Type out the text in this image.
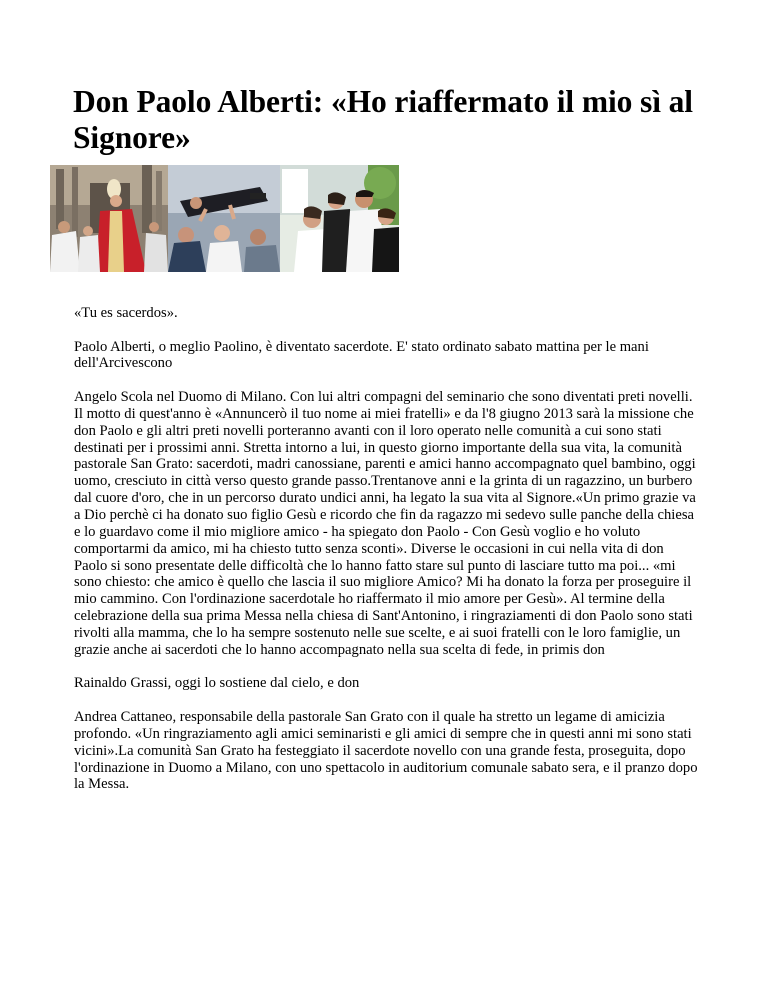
Don Paolo Alberti: «Ho riaffermato il mio sì al Signore»

«Tu es sacerdos».

Paolo Alberti, o meglio Paolino, è diventato sacerdote. E' stato ordinato sabato mattina per le mani dell'Arcivescono

Angelo Scola nel Duomo di Milano. Con lui altri compagni del seminario che sono diventati preti novelli. Il motto di quest'anno è «Annuncerò il tuo nome ai miei fratelli» e da l'8 giugno 2013 sarà la missione che don Paolo e gli altri preti novelli porteranno avanti con il loro operato nelle comunità a cui sono stati destinati per i prossimi anni. Stretta intorno a lui, in questo giorno importante della sua vita, la comunità pastorale San Grato: sacerdoti, madri canossiane, parenti e amici hanno accompagnato quel bambino, oggi uomo, cresciuto in città verso questo grande passo.Trentanove anni e la grinta di un ragazzino, un burbero dal cuore d'oro, che in un percorso durato undici anni, ha legato la sua vita al Signore.«Un primo grazie va a Dio perchè ci ha donato suo figlio Gesù e ricordo che fin da ragazzo mi sedevo sulle panche della chiesa e lo guardavo come il mio migliore amico - ha spiegato don Paolo - Con Gesù voglio e ho voluto comportarmi da amico, mi ha chiesto tutto senza sconti». Diverse le occasioni in cui nella vita di don Paolo si sono presentate delle difficoltà che lo hanno fatto stare sul punto di lasciare tutto ma poi... «mi sono chiesto: che amico è quello che lascia il suo migliore Amico? Mi ha donato la forza per proseguire il mio cammino. Con l'ordinazione sacerdotale ho riaffermato il mio amore per Gesù». Al termine della celebrazione della sua prima Messa nella chiesa di Sant'Antonino, i ringraziamenti di don Paolo sono stati rivolti alla mamma, che lo ha sempre sostenuto nelle sue scelte, e ai suoi fratelli con le loro famiglie, un grazie anche ai sacerdoti che lo hanno accompagnato nella sua scelta di fede, in primis don

Rainaldo Grassi, oggi lo sostiene dal cielo, e don

Andrea Cattaneo, responsabile della pastorale San Grato con il quale ha stretto un legame di amicizia profondo. «Un ringraziamento agli amici seminaristi e gli amici di sempre che in questi anni mi sono stati vicini».La comunità San Grato ha festeggiato il sacerdote novello con una grande festa, proseguita, dopo l'ordinazione in Duomo a Milano, con uno spettacolo in auditorium comunale sabato sera, e il pranzo dopo la Messa.
